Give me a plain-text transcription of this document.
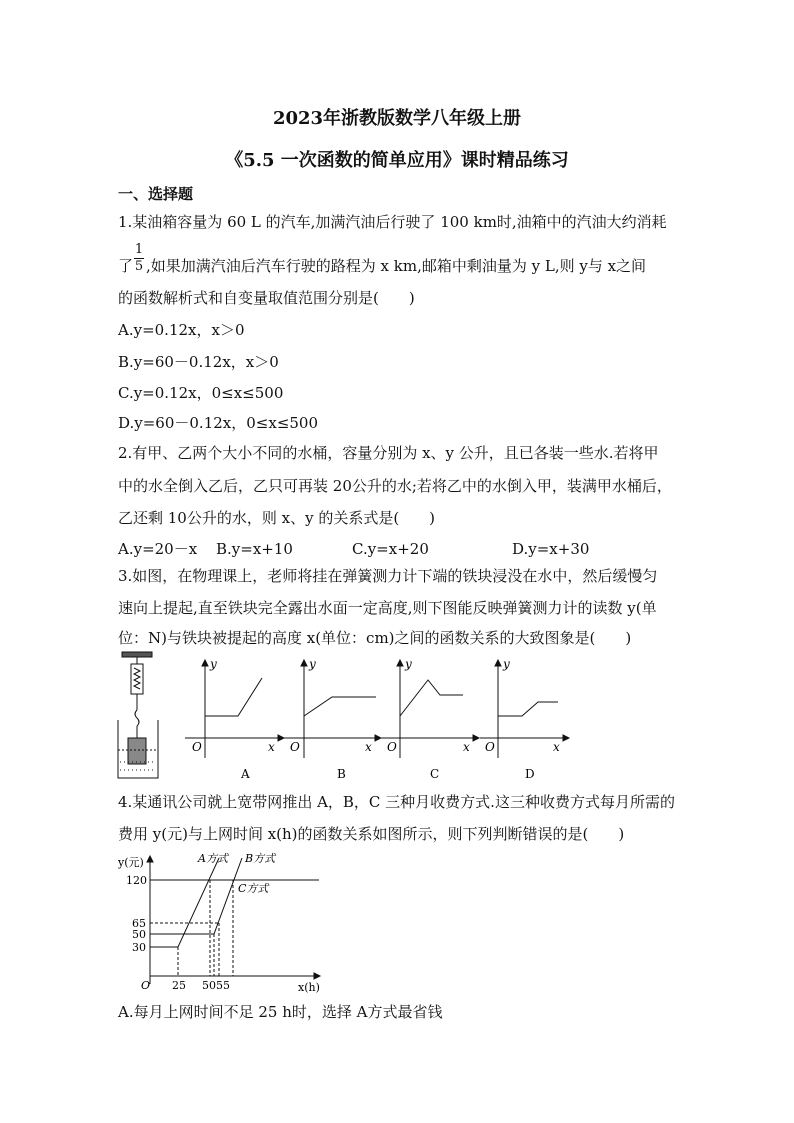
2023年浙教版数学八年级上册
《5.5 一次函数的简单应用》课时精品练习
一、选择题
1.某油箱容量为 60 L 的汽车,加满汽油后行驶了 100 km时,油箱中的汽油大约消耗
了
1
5 ,如果加满汽油后汽车行驶的路程为 x km,邮箱中剩油量为 y L,则 y与 x之间
的函数解析式和自变量取值范围分别是(　　)
A.y=0.12x，x＞0
B.y=60－0.12x，x＞0
C.y=0.12x，0≤x≤500
D.y=60－0.12x，0≤x≤500
2.有甲、乙两个大小不同的水桶，容量分别为 x、y 公升，且已各装一些水.若将甲
中的水全倒入乙后，乙只可再装 20公升的水;若将乙中的水倒入甲，装满甲水桶后，
乙还剩 10公升的水，则 x、y 的关系式是(　　)
A.y=20－x B.y=x+10	C.y=x+20	D.y=x+30
3.如图，在物理课上，老师将挂在弹簧测力计下端的铁块浸没在水中，然后缓慢匀
速向上提起,直至铁块完全露出水面一定高度,则下图能反映弹簧测力计的读数 y(单
位：N)与铁块被提起的高度 x(单位：cm)之间的函数关系的大致图象是(　　)
y
x
O
A
y
x
O
B
y
x
O
C
y
x
O
D
4.某通讯公司就上宽带网推出 A，B，C 三种月收费方式.这三种收费方式每月所需的
费用 y(元)与上网时间 x(h)的函数关系如图所示，则下列判断错误的是(　　)
y(元)
x(h)
O
120
65
50
30
25 50 55
A方式 B方式
C方式
A.每月上网时间不足 25 h时，选择 A方式最省钱
